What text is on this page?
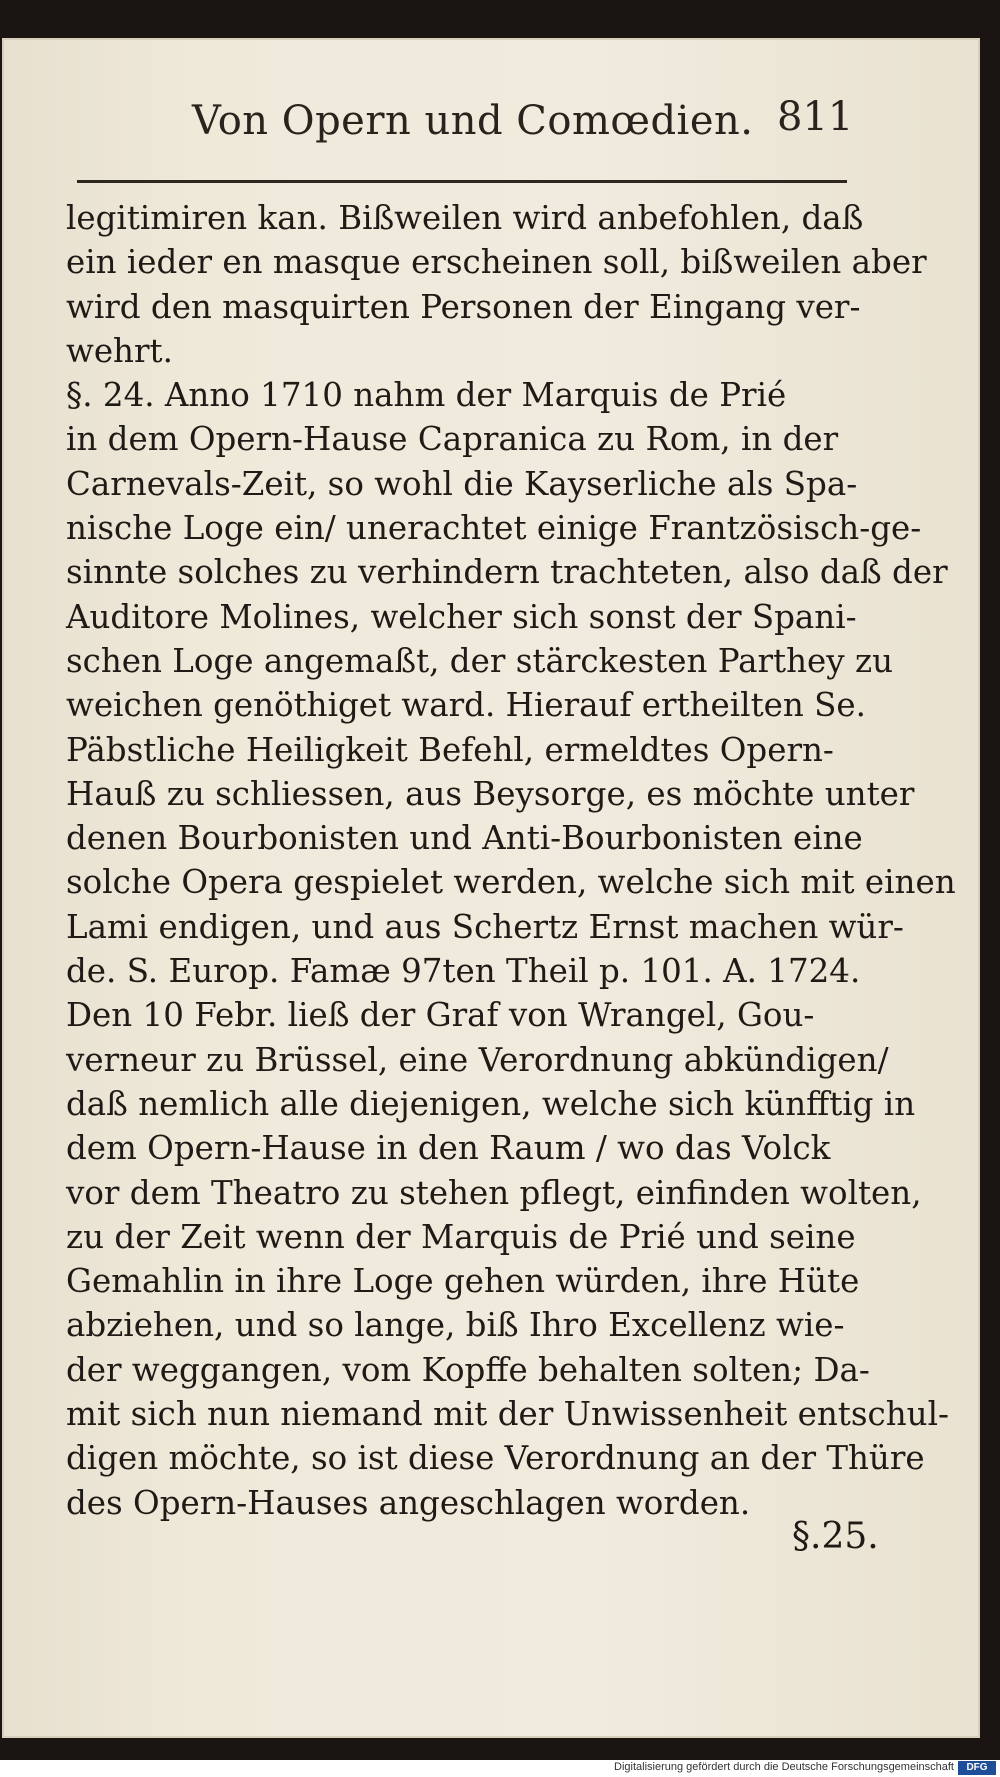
Von Opern und Comœdien. 811
legitimiren kan. Bißweilen wird anbefohlen, daß
ein ieder en masque erscheinen soll, bißweilen aber
wird den masquirten Personen der Eingang ver-
wehrt.
§. 24. Anno 1710 nahm der Marquis de Prié
in dem Opern-Hause Capranica zu Rom, in der
Carnevals-Zeit, so wohl die Kayserliche als Spa-
nische Loge ein/ unerachtet einige Frantzösisch-ge-
sinnte solches zu verhindern trachteten, also daß der
Auditore Molines, welcher sich sonst der Spani-
schen Loge angemaßt, der stärckesten Parthey zu
weichen genöthiget ward. Hierauf ertheilten Se.
Päbstliche Heiligkeit Befehl, ermeldtes Opern-
Hauß zu schliessen, aus Beysorge, es möchte unter
denen Bourbonisten und Anti-Bourbonisten eine
solche Opera gespielet werden, welche sich mit einen
Lami endigen, und aus Schertz Ernst machen wür-
de. S. Europ. Famæ 97ten Theil p. 101. A. 1724.
Den 10 Febr. ließ der Graf von Wrangel, Gou-
verneur zu Brüssel, eine Verordnung abkündigen/
daß nemlich alle diejenigen, welche sich künfftig in
dem Opern-Hause in den Raum / wo das Volck
vor dem Theatro zu stehen pflegt, einfinden wolten,
zu der Zeit wenn der Marquis de Prié und seine
Gemahlin in ihre Loge gehen würden, ihre Hüte
abziehen, und so lange, biß Ihro Excellenz wie-
der weggangen, vom Kopffe behalten solten; Da-
mit sich nun niemand mit der Unwissenheit entschul-
digen möchte, so ist diese Verordnung an der Thüre
des Opern-Hauses angeschlagen worden.
§.25.
Digitalisierung gefördert durch die Deutsche Forschungsgemeinschaft	DFG
